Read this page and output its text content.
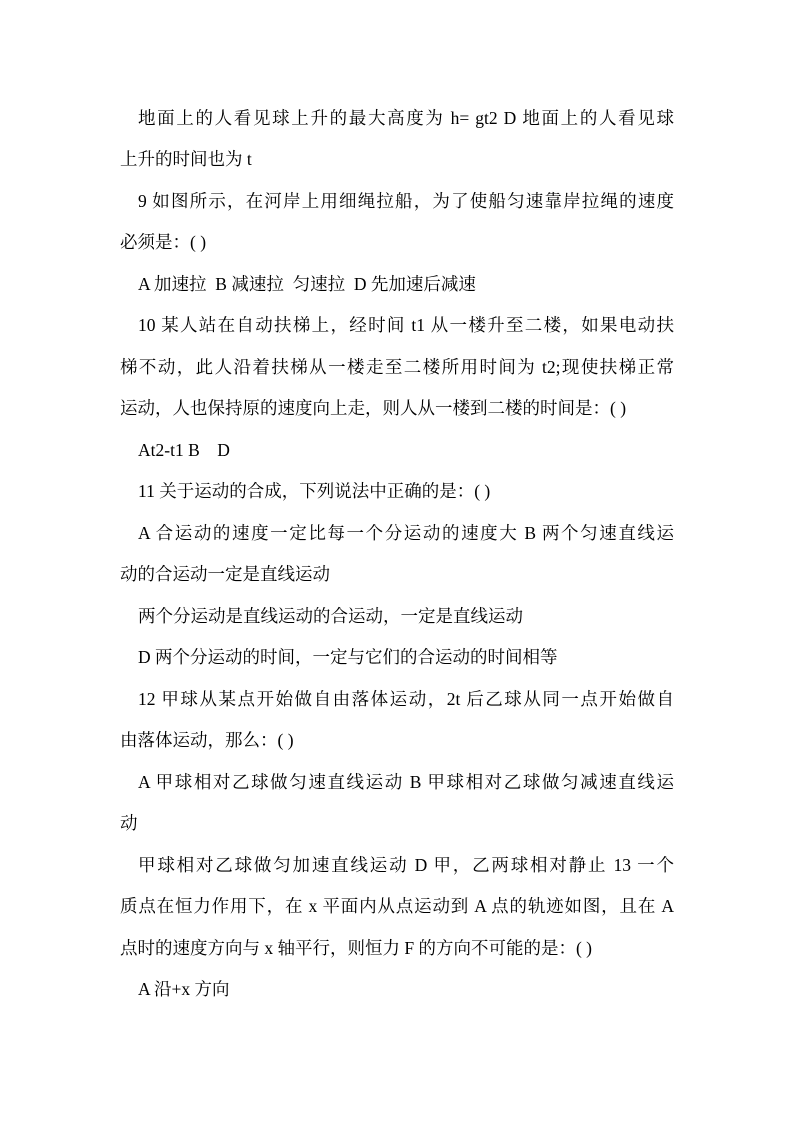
地面上的人看见球上升的最大高度为 h= gt2 D 地面上的人看见球
上升的时间也为 t
9 如图所示，在河岸上用细绳拉船，为了使船匀速靠岸拉绳的速度
必须是：( )
A 加速拉  B 减速拉  匀速拉  D 先加速后减速
10 某人站在自动扶梯上，经时间 t1 从一楼升至二楼，如果电动扶
梯不动，此人沿着扶梯从一楼走至二楼所用时间为 t2;现使扶梯正常
运动，人也保持原的速度向上走，则人从一楼到二楼的时间是：( )
At2-t1 B    D
11 关于运动的合成，下列说法中正确的是：( )
A 合运动的速度一定比每一个分运动的速度大 B 两个匀速直线运
动的合运动一定是直线运动
两个分运动是直线运动的合运动，一定是直线运动
D 两个分运动的时间，一定与它们的合运动的时间相等
12 甲球从某点开始做自由落体运动，2t 后乙球从同一点开始做自
由落体运动，那么：( )
A 甲球相对乙球做匀速直线运动 B 甲球相对乙球做匀减速直线运
动
甲球相对乙球做匀加速直线运动 D 甲，乙两球相对静止 13 一个
质点在恒力作用下，在 x 平面内从点运动到 A 点的轨迹如图，且在 A
点时的速度方向与 x 轴平行，则恒力 F 的方向不可能的是：( )
A 沿+x 方向
